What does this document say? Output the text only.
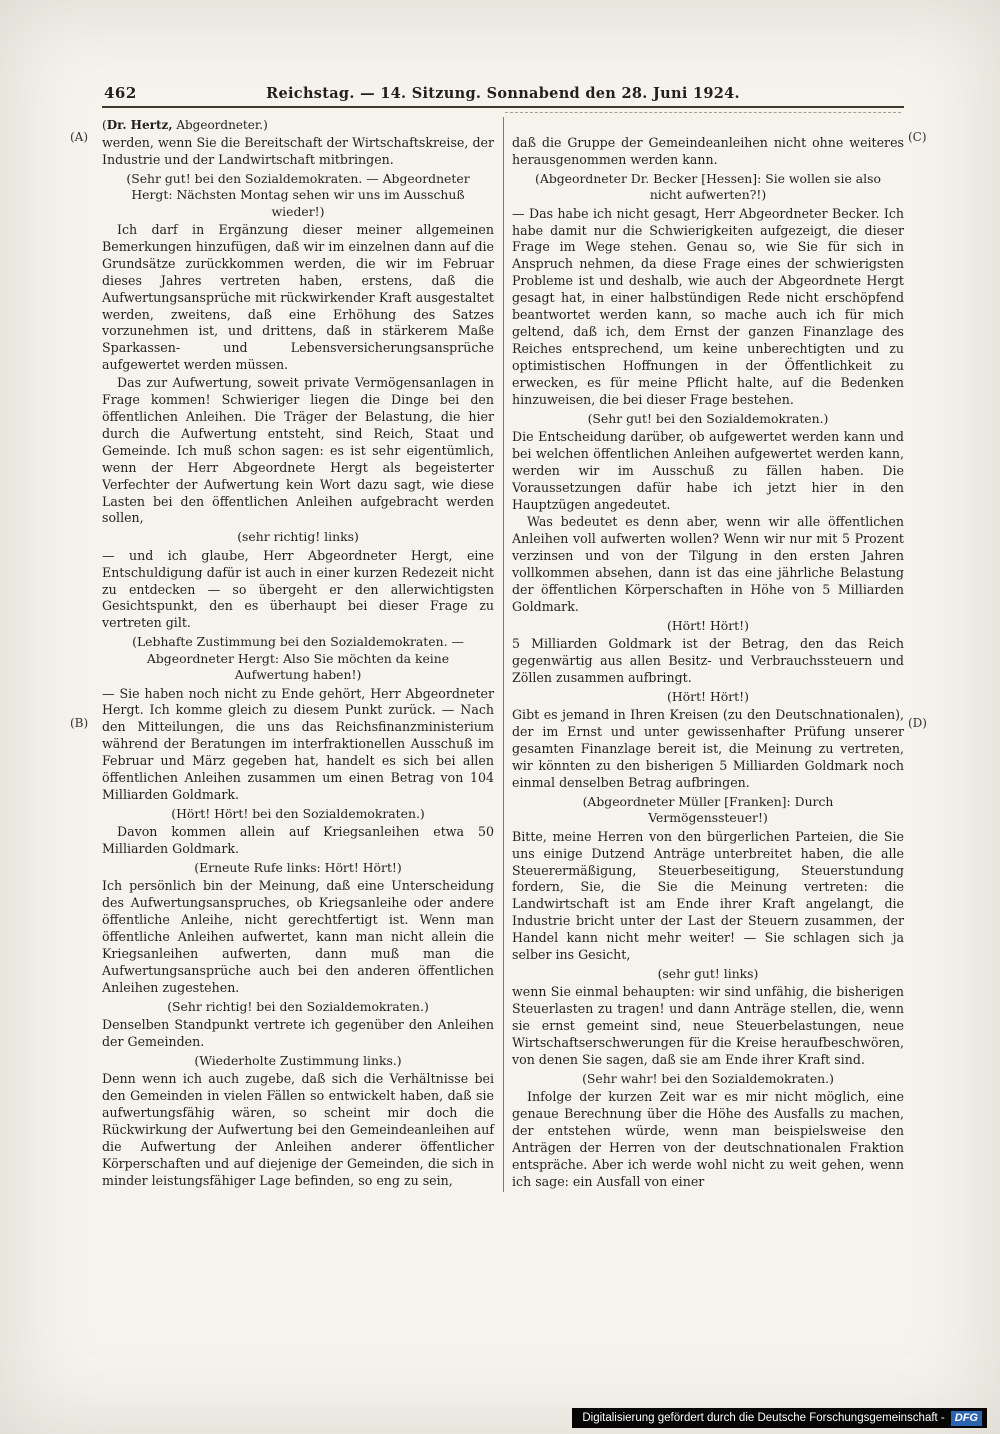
462	Reichstag. — 14. Sitzung. Sonnabend den 28. Juni 1924.
(A)
(B)
(C)
(D)

(Dr. Hertz, Abgeordneter.)

werden, wenn Sie die Bereitschaft der Wirtschaftskreise, der Industrie und der Landwirtschaft mitbringen.

(Sehr gut! bei den Sozialdemokraten. — Abgeordneter Hergt: Nächsten Montag sehen wir uns im Ausschuß wieder!)

Ich darf in Ergänzung dieser meiner allgemeinen Bemerkungen hinzufügen, daß wir im einzelnen dann auf die Grundsätze zurückkommen werden, die wir im Februar dieses Jahres vertreten haben, erstens, daß die Aufwertungsansprüche mit rückwirkender Kraft ausgestaltet werden, zweitens, daß eine Erhöhung des Satzes vorzunehmen ist, und drittens, daß in stärkerem Maße Sparkassen- und Lebensversicherungsansprüche aufgewertet werden müssen.

Das zur Aufwertung, soweit private Vermögensanlagen in Frage kommen! Schwieriger liegen die Dinge bei den öffentlichen Anleihen. Die Träger der Belastung, die hier durch die Aufwertung entsteht, sind Reich, Staat und Gemeinde. Ich muß schon sagen: es ist sehr eigentümlich, wenn der Herr Abgeordnete Hergt als begeisterter Verfechter der Aufwertung kein Wort dazu sagt, wie diese Lasten bei den öffentlichen Anleihen aufgebracht werden sollen,

(sehr richtig! links)

— und ich glaube, Herr Abgeordneter Hergt, eine Entschuldigung dafür ist auch in einer kurzen Redezeit nicht zu entdecken — so übergeht er den allerwichtigsten Gesichtspunkt, den es überhaupt bei dieser Frage zu vertreten gilt.

(Lebhafte Zustimmung bei den Sozialdemokraten. — Abgeordneter Hergt: Also Sie möchten da keine Aufwertung haben!)

— Sie haben noch nicht zu Ende gehört, Herr Abgeordneter Hergt. Ich komme gleich zu diesem Punkt zurück. — Nach den Mitteilungen, die uns das Reichsfinanzministerium während der Beratungen im interfraktionellen Ausschuß im Februar und März gegeben hat, handelt es sich bei allen öffentlichen Anleihen zusammen um einen Betrag von 104 Milliarden Goldmark.

(Hört! Hört! bei den Sozialdemokraten.)

Davon kommen allein auf Kriegsanleihen etwa 50 Milliarden Goldmark.

(Erneute Rufe links: Hört! Hört!)

Ich persönlich bin der Meinung, daß eine Unterscheidung des Aufwertungsanspruches, ob Kriegsanleihe oder andere öffentliche Anleihe, nicht gerechtfertigt ist. Wenn man öffentliche Anleihen aufwertet, kann man nicht allein die Kriegsanleihen aufwerten, dann muß man die Aufwertungsansprüche auch bei den anderen öffentlichen Anleihen zugestehen.

(Sehr richtig! bei den Sozialdemokraten.)

Denselben Standpunkt vertrete ich gegenüber den Anleihen der Gemeinden.

(Wiederholte Zustimmung links.)

Denn wenn ich auch zugebe, daß sich die Verhältnisse bei den Gemeinden in vielen Fällen so entwickelt haben, daß sie aufwertungsfähig wären, so scheint mir doch die Rückwirkung der Aufwertung bei den Gemeindeanleihen auf die Aufwertung der Anleihen anderer öffentlicher Körperschaften und auf diejenige der Gemeinden, die sich in minder leistungsfähiger Lage befinden, so eng zu sein,

daß die Gruppe der Gemeindeanleihen nicht ohne weiteres herausgenommen werden kann.

(Abgeordneter Dr. Becker [Hessen]: Sie wollen sie also nicht aufwerten?!)

— Das habe ich nicht gesagt, Herr Abgeordneter Becker. Ich habe damit nur die Schwierigkeiten aufgezeigt, die dieser Frage im Wege stehen. Genau so, wie Sie für sich in Anspruch nehmen, da diese Frage eines der schwierigsten Probleme ist und deshalb, wie auch der Abgeordnete Hergt gesagt hat, in einer halbstündigen Rede nicht erschöpfend beantwortet werden kann, so mache auch ich für mich geltend, daß ich, dem Ernst der ganzen Finanzlage des Reiches entsprechend, um keine unberechtigten und zu optimistischen Hoffnungen in der Öffentlichkeit zu erwecken, es für meine Pflicht halte, auf die Bedenken hinzuweisen, die bei dieser Frage bestehen.

(Sehr gut! bei den Sozialdemokraten.)

Die Entscheidung darüber, ob aufgewertet werden kann und bei welchen öffentlichen Anleihen aufgewertet werden kann, werden wir im Ausschuß zu fällen haben. Die Voraussetzungen dafür habe ich jetzt hier in den Hauptzügen angedeutet.

Was bedeutet es denn aber, wenn wir alle öffentlichen Anleihen voll aufwerten wollen? Wenn wir nur mit 5 Prozent verzinsen und von der Tilgung in den ersten Jahren vollkommen absehen, dann ist das eine jährliche Belastung der öffentlichen Körperschaften in Höhe von 5 Milliarden Goldmark.

(Hört! Hört!)

5 Milliarden Goldmark ist der Betrag, den das Reich gegenwärtig aus allen Besitz- und Verbrauchssteuern und Zöllen zusammen aufbringt.

(Hört! Hört!)

Gibt es jemand in Ihren Kreisen (zu den Deutschnationalen), der im Ernst und unter gewissenhafter Prüfung unserer gesamten Finanzlage bereit ist, die Meinung zu vertreten, wir könnten zu den bisherigen 5 Milliarden Goldmark noch einmal denselben Betrag aufbringen.

(Abgeordneter Müller [Franken]: Durch Vermögenssteuer!)

Bitte, meine Herren von den bürgerlichen Parteien, die Sie uns einige Dutzend Anträge unterbreitet haben, die alle Steuerermäßigung, Steuerbeseitigung, Steuerstundung fordern, Sie, die Sie die Meinung vertreten: die Landwirtschaft ist am Ende ihrer Kraft angelangt, die Industrie bricht unter der Last der Steuern zusammen, der Handel kann nicht mehr weiter! — Sie schlagen sich ja selber ins Gesicht,

(sehr gut! links)

wenn Sie einmal behaupten: wir sind unfähig, die bisherigen Steuerlasten zu tragen! und dann Anträge stellen, die, wenn sie ernst gemeint sind, neue Steuerbelastungen, neue Wirtschaftserschwerungen für die Kreise heraufbeschwören, von denen Sie sagen, daß sie am Ende ihrer Kraft sind.

(Sehr wahr! bei den Sozialdemokraten.)

Infolge der kurzen Zeit war es mir nicht möglich, eine genaue Berechnung über die Höhe des Ausfalls zu machen, der entstehen würde, wenn man beispielsweise den Anträgen der Herren von der deutschnationalen Fraktion entspräche. Aber ich werde wohl nicht zu weit gehen, wenn ich sage: ein Ausfall von einer

Digitalisierung gefördert durch die Deutsche Forschungsgemeinschaft - DFG
